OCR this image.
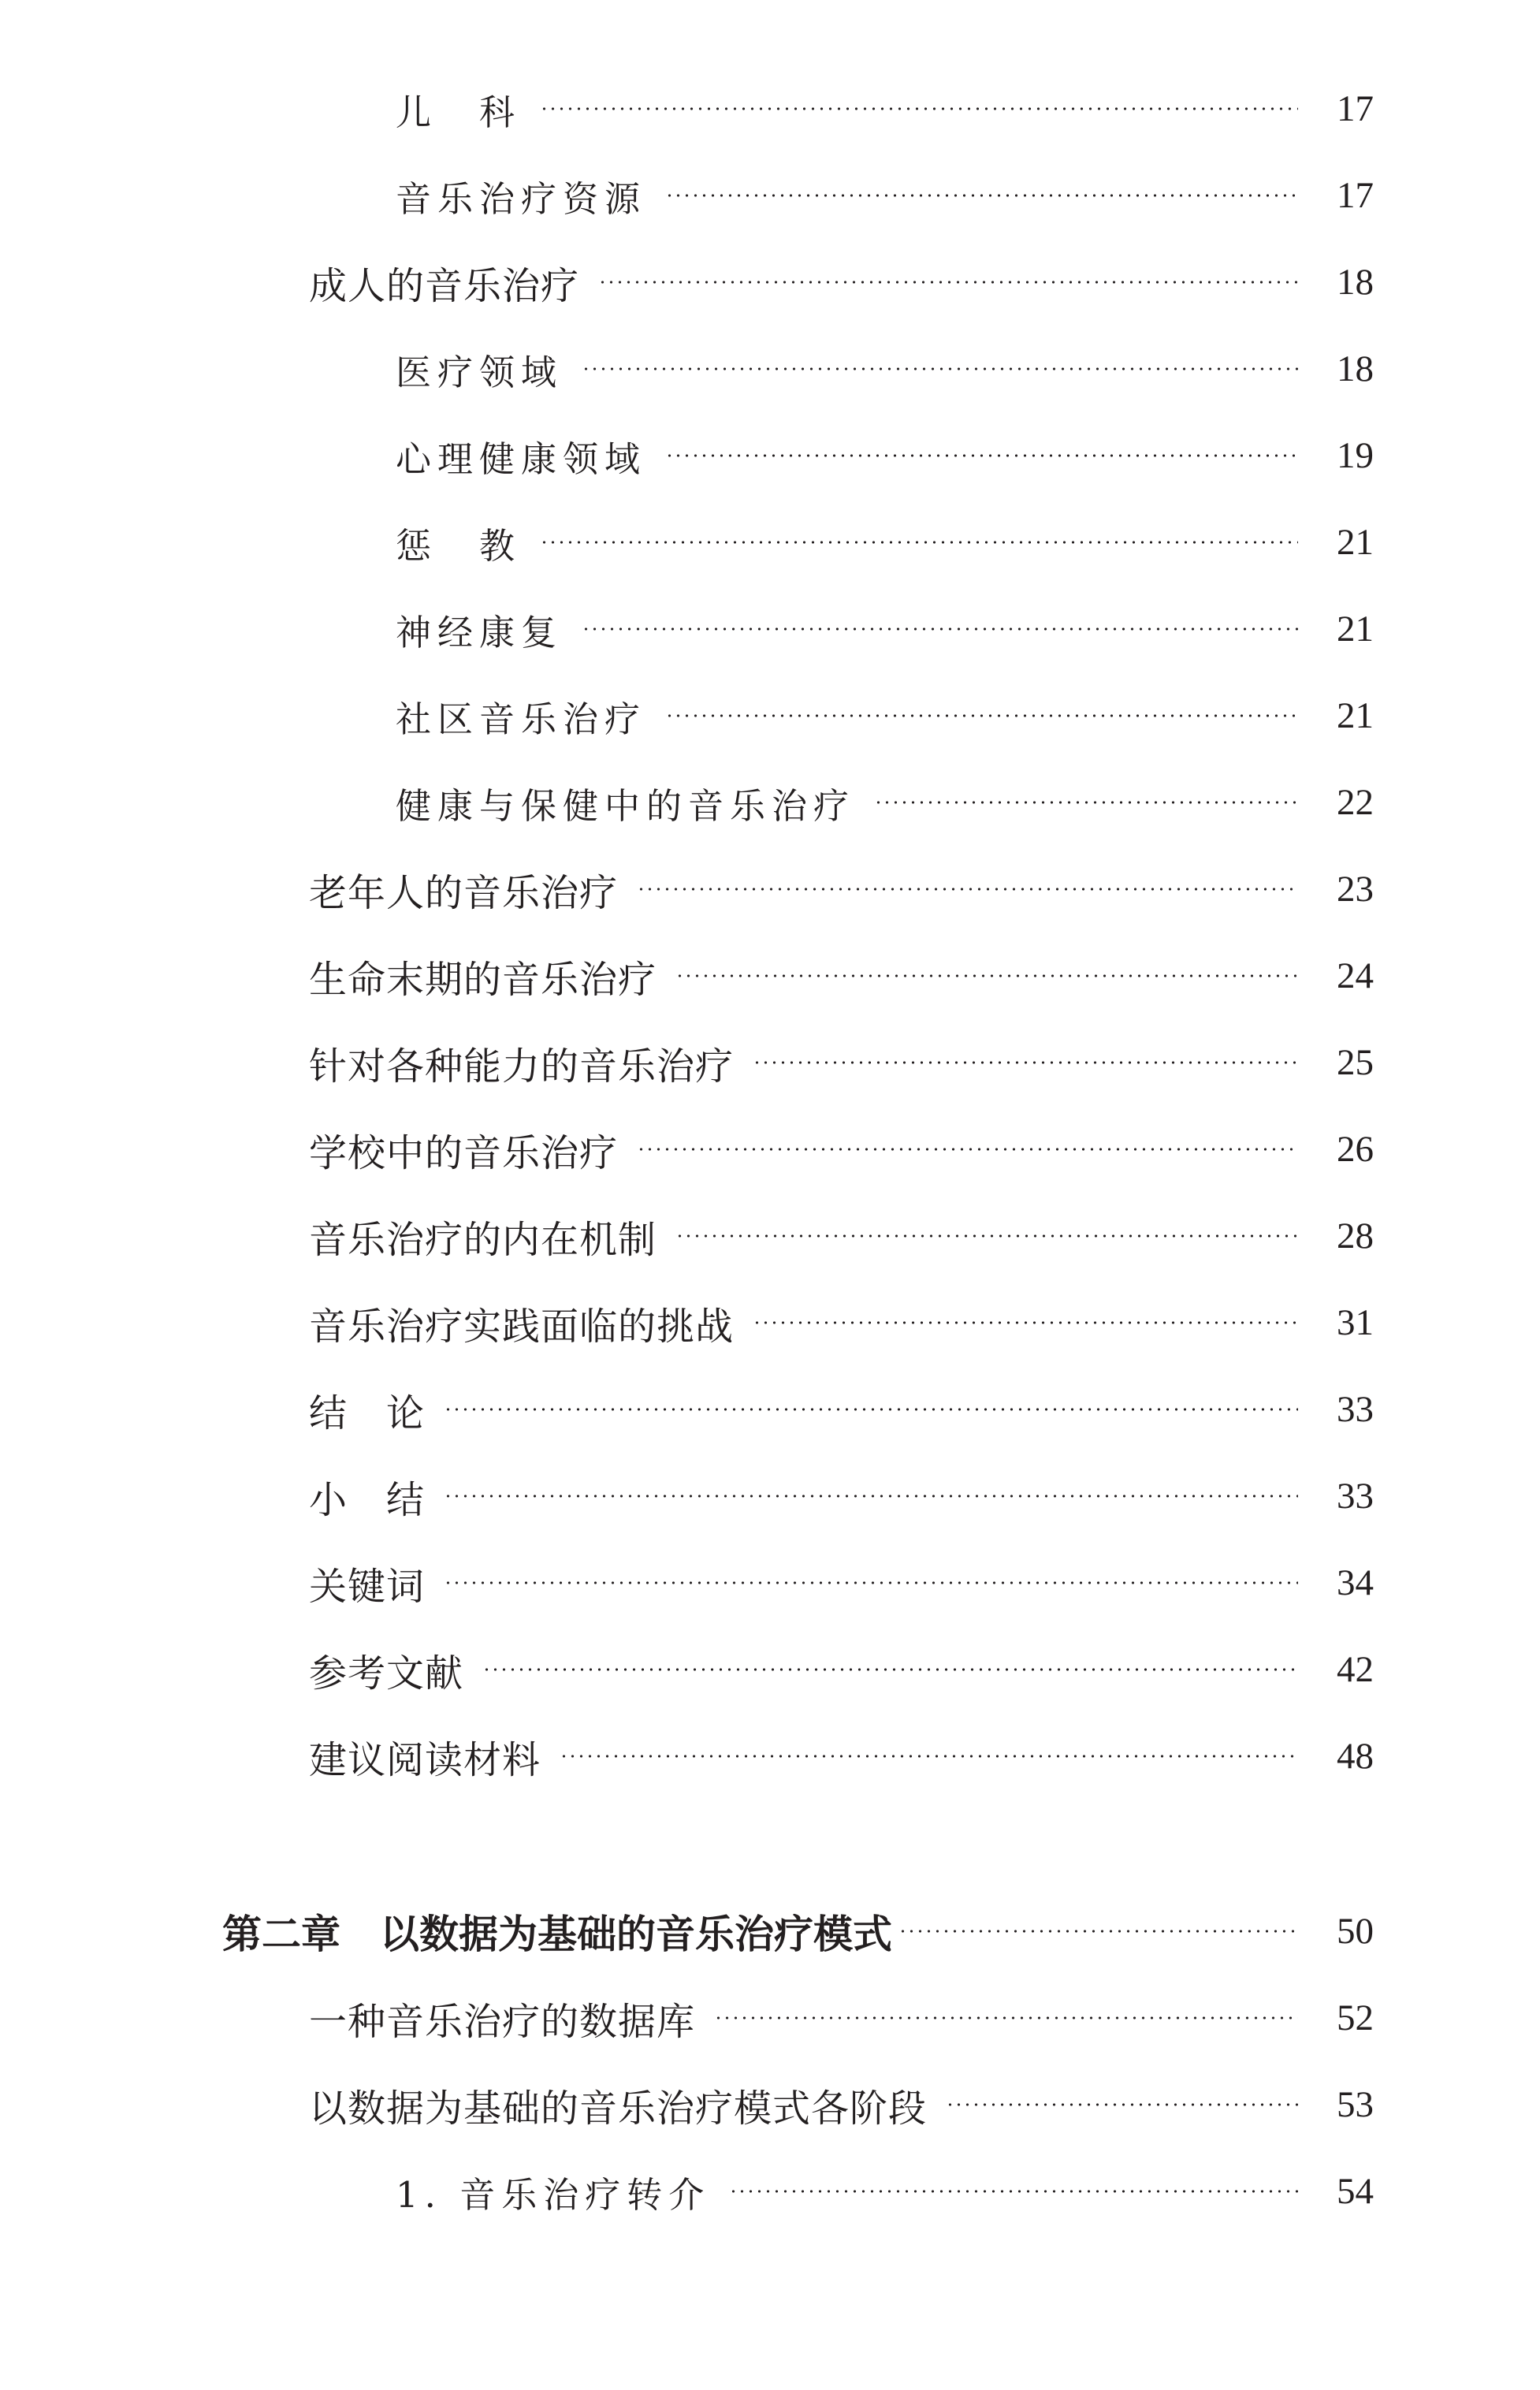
儿　科	17
音乐治疗资源	17
成人的音乐治疗	18
医疗领域	18
心理健康领域	19
惩　教	21
神经康复	21
社区音乐治疗	21
健康与保健中的音乐治疗	22
老年人的音乐治疗	23
生命末期的音乐治疗	24
针对各种能力的音乐治疗	25
学校中的音乐治疗	26
音乐治疗的内在机制	28
音乐治疗实践面临的挑战	31
结　论	33
小　结	33
关键词	34
参考文献	42
建议阅读材料	48
第二章 以数据为基础的音乐治疗模式	50
一种音乐治疗的数据库	52
以数据为基础的音乐治疗模式各阶段	53
1. 音乐治疗转介	54
